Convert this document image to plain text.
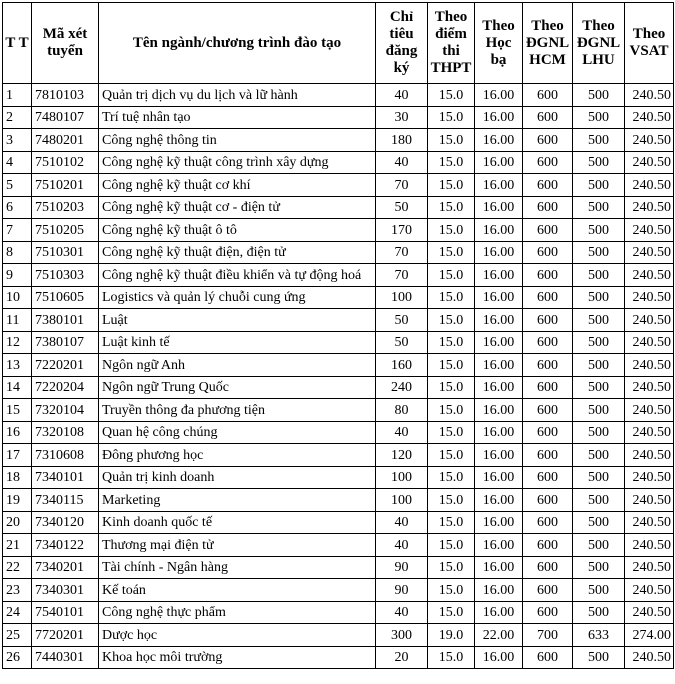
T T	Mã xét tuyển	Tên ngành/chương trình đào tạo	Chỉ tiêu đăng ký	Theo điểm thi THPT	Theo Học bạ	Theo ĐGNL HCM	Theo ĐGNL LHU	Theo VSAT
1	7810103	Quản trị dịch vụ du lịch và lữ hành	40	15.0	16.00	600	500	240.50
2	7480107	Trí tuệ nhân tạo	30	15.0	16.00	600	500	240.50
3	7480201	Công nghệ thông tin	180	15.0	16.00	600	500	240.50
4	7510102	Công nghệ kỹ thuật công trình xây dựng	40	15.0	16.00	600	500	240.50
5	7510201	Công nghệ kỹ thuật cơ khí	70	15.0	16.00	600	500	240.50
6	7510203	Công nghệ kỹ thuật cơ - điện tử	50	15.0	16.00	600	500	240.50
7	7510205	Công nghệ kỹ thuật ô tô	170	15.0	16.00	600	500	240.50
8	7510301	Công nghệ kỹ thuật điện, điện tử	70	15.0	16.00	600	500	240.50
9	7510303	Công nghệ kỹ thuật điều khiển và tự động hoá	70	15.0	16.00	600	500	240.50
10	7510605	Logistics và quản lý chuỗi cung ứng	100	15.0	16.00	600	500	240.50
11	7380101	Luật	50	15.0	16.00	600	500	240.50
12	7380107	Luật kinh tế	50	15.0	16.00	600	500	240.50
13	7220201	Ngôn ngữ Anh	160	15.0	16.00	600	500	240.50
14	7220204	Ngôn ngữ Trung Quốc	240	15.0	16.00	600	500	240.50
15	7320104	Truyền thông đa phương tiện	80	15.0	16.00	600	500	240.50
16	7320108	Quan hệ công chúng	40	15.0	16.00	600	500	240.50
17	7310608	Đông phương học	120	15.0	16.00	600	500	240.50
18	7340101	Quản trị kinh doanh	100	15.0	16.00	600	500	240.50
19	7340115	Marketing	100	15.0	16.00	600	500	240.50
20	7340120	Kinh doanh quốc tế	40	15.0	16.00	600	500	240.50
21	7340122	Thương mại điện tử	40	15.0	16.00	600	500	240.50
22	7340201	Tài chính - Ngân hàng	90	15.0	16.00	600	500	240.50
23	7340301	Kế toán	90	15.0	16.00	600	500	240.50
24	7540101	Công nghệ thực phẩm	40	15.0	16.00	600	500	240.50
25	7720201	Dược học	300	19.0	22.00	700	633	274.00
26	7440301	Khoa học môi trường	20	15.0	16.00	600	500	240.50
